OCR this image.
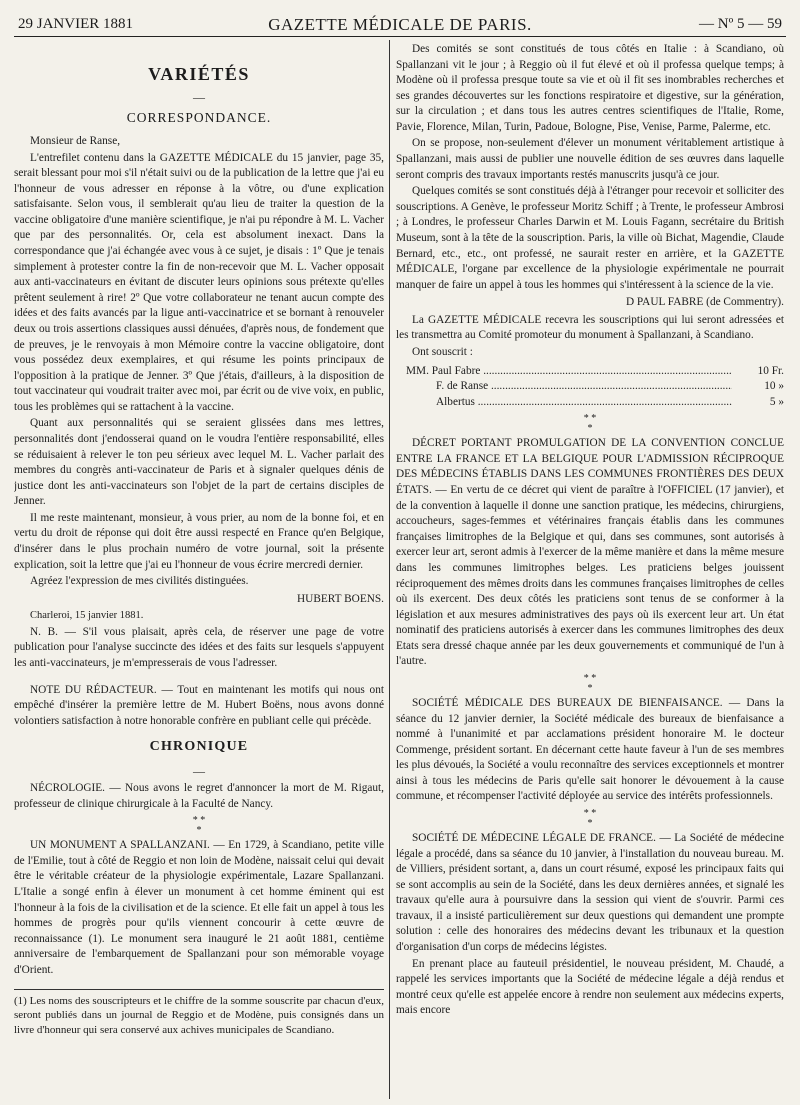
29 JANVIER 1881	GAZETTE MÉDICALE DE PARIS.	— Nº 5 — 59
VARIÉTÉS
—
CORRESPONDANCE.

Monsieur de Ranse,

L'entrefilet contenu dans la GAZETTE MÉDICALE du 15 janvier, page 35, serait blessant pour moi s'il n'était suivi ou de la publication de la lettre que j'ai eu l'honneur de vous adresser en réponse à la vôtre, ou d'une explication satisfaisante. Selon vous, il semblerait qu'au lieu de traiter la question de la vaccine obligatoire d'une manière scientifique, je n'ai pu répondre à M. L. Vacher que par des personnalités. Or, cela est absolument inexact. Dans la correspondance que j'ai échangée avec vous à ce sujet, je disais : 1º Que je tenais simplement à protester contre la fin de non-recevoir que M. L. Vacher opposait aux anti-vaccinateurs en évitant de discuter leurs opinions sous prétexte qu'elles prêtent seulement à rire! 2º Que votre collaborateur ne tenant aucun compte des idées et des faits avancés par la ligue anti-vaccinatrice et se bornant à renouveler deux ou trois assertions classiques aussi dénuées, d'après nous, de fondement que de preuves, je le renvoyais à mon Mémoire contre la vaccine obligatoire, dont vous possédez deux exemplaires, et qui résume les points principaux de l'opposition à la pratique de Jenner. 3º Que j'étais, d'ailleurs, à la disposition de tout vaccinateur qui voudrait traiter avec moi, par écrit ou de vive voix, en public, tous les problèmes qui se rattachent à la vaccine.

Quant aux personnalités qui se seraient glissées dans mes lettres, personnalités dont j'endosserai quand on le voudra l'entière responsabilité, elles se réduisaient à relever le ton peu sérieux avec lequel M. L. Vacher parlait des membres du congrès anti-vaccinateur de Paris et à signaler quelques dénis de justice dont les anti-vaccinateurs son l'objet de la part de certains disciples de Jenner.

Il me reste maintenant, monsieur, à vous prier, au nom de la bonne foi, et en vertu du droit de réponse qui doit être aussi respecté en France qu'en Belgique, d'insérer dans le plus prochain numéro de votre journal, soit la présente explication, soit la lettre que j'ai eu l'honneur de vous écrire mercredi dernier.

Agréez l'expression de mes civilités distinguées.

HUBERT BOENS.

Charleroi, 15 janvier 1881.

N. B. — S'il vous plaisait, après cela, de réserver une page de votre publication pour l'analyse succincte des idées et des faits sur lesquels s'appuyent les anti-vaccinateurs, je m'empresserais de vous l'adresser.

NOTE DU RÉDACTEUR. — Tout en maintenant les motifs qui nous ont empêché d'insérer la première lettre de M. Hubert Boëns, nous avons donné volontiers satisfaction à notre honorable confrère en publiant celle qui précède.

CHRONIQUE
—

NÉCROLOGIE. — Nous avons le regret d'annoncer la mort de M. Rigaut, professeur de clinique chirurgicale à la Faculté de Nancy.

* *
*

UN MONUMENT A SPALLANZANI. — En 1729, à Scandiano, petite ville de l'Emilie, tout à côté de Reggio et non loin de Modène, naissait celui qui devait être le véritable créateur de la physiologie expérimentale, Lazare Spallanzani. L'Italie a songé enfin à élever un monument à cet homme éminent qui est l'honneur à la fois de la civilisation et de la science. Et elle fait un appel à tous les hommes de progrès pour qu'ils viennent concourir à cette œuvre de reconnaissance (1). Le monument sera inauguré le 21 août 1881, centième anniversaire de l'embarquement de Spallanzani pour son mémorable voyage d'Orient.

(1) Les noms des souscripteurs et le chiffre de la somme souscrite par chacun d'eux, seront publiés dans un journal de Reggio et de Modène, puis consignés dans un livre d'honneur qui sera conservé aux achives municipales de Scandiano.

Des comités se sont constitués de tous côtés en Italie : à Scandiano, où Spallanzani vit le jour ; à Reggio où il fut élevé et où il professa quelque temps; à Modène où il professa presque toute sa vie et où il fit ses inombrables recherches et ses grandes découvertes sur les fonctions respiratoire et digestive, sur la génération, sur la circulation ; et dans tous les autres centres scientifiques de l'Italie, Rome, Pavie, Florence, Milan, Turin, Padoue, Bologne, Pise, Venise, Parme, Palerme, etc.

On se propose, non-seulement d'élever un monument véritablement artistique à Spallanzani, mais aussi de publier une nouvelle édition de ses œuvres dans laquelle seront compris des travaux importants restés manuscrits jusqu'à ce jour.

Quelques comités se sont constitués déjà à l'étranger pour recevoir et solliciter des souscriptions. A Genève, le professeur Moritz Schiff ; à Trente, le professeur Ambrosi ; à Londres, le professeur Charles Darwin et M. Louis Fagann, secrétaire du British Museum, sont à la tête de la souscription. Paris, la ville où Bichat, Magendie, Claude Bernard, etc., etc., ont professé, ne saurait rester en arrière, et la GAZETTE MÉDICALE, l'organe par excellence de la physiologie expérimentale ne pourrait manquer de faire un appel à tous les hommes qui s'intéressent à la science de la vie.

D PAUL FABRE (de Commentry).

La GAZETTE MÉDICALE recevra les souscriptions qui lui seront adressées et les transmettra au Comité promoteur du monument à Spallanzani, à Scandiano.

Ont souscrit :

MM. Paul Fabre .....	10 Fr.
F. de Ranse .....	10 »
Albertus .....	5 »
* *
*

DÉCRET PORTANT PROMULGATION DE LA CONVENTION CONCLUE ENTRE LA FRANCE ET LA BELGIQUE POUR L'ADMISSION RÉCIPROQUE DES MÉDECINS ÉTABLIS DANS LES COMMUNES FRONTIÈRES DES DEUX ÉTATS. — En vertu de ce décret qui vient de paraître à l'OFFICIEL (17 janvier), et de la convention à laquelle il donne une sanction pratique, les médecins, chirurgiens, accoucheurs, sages-femmes et vétérinaires français établis dans les communes françaises limitrophes de la Belgique et qui, dans ses communes, sont autorisés à exercer leur art, seront admis à l'exercer de la même manière et dans la même mesure dans les communes limitrophes belges. Les praticiens belges jouissent réciproquement des mêmes droits dans les communes françaises limitrophes de celles où ils exercent. Des deux côtés les praticiens sont tenus de se conformer à la législation et aux mesures administratives des pays où ils exercent leur art. Un état nominatif des praticiens autorisés à exercer dans les communes limitrophes des deux Etats sera dressé chaque année par les deux gouvernements et communiqué de l'un à l'autre.

* *
*

SOCIÉTÉ MÉDICALE DES BUREAUX DE BIENFAISANCE. — Dans la séance du 12 janvier dernier, la Société médicale des bureaux de bienfaisance a nommé à l'unanimité et par acclamations président honoraire M. le docteur Commenge, président sortant. En décernant cette haute faveur à l'un de ses membres les plus dévoués, la Société a voulu reconnaître des services exceptionnels et montrer ainsi à tous les médecins de Paris qu'elle sait honorer le dévouement à la cause commune, et récompenser l'activité déployée au service des intérêts professionnels.

* *
*

SOCIÉTÉ DE MÉDECINE LÉGALE DE FRANCE. — La Société de médecine légale a procédé, dans sa séance du 10 janvier, à l'installation du nouveau bureau. M. de Villiers, président sortant, a, dans un court résumé, exposé les principaux faits qui se sont accomplis au sein de la Société, dans les deux dernières années, et signalé les travaux qu'elle aura à poursuivre dans la session qui vient de s'ouvrir. Parmi ces travaux, il a insisté particulièrement sur deux questions qui demandent une prompte solution : celle des honoraires des médecins devant les tribunaux et la question d'organisation d'un corps de médecins légistes.

En prenant place au fauteuil présidentiel, le nouveau président, M. Chaudé, a rappelé les services importants que la Société de médecine légale a déjà rendus et montré ceux qu'elle est appelée encore à rendre non seulement aux médecins experts, mais encore
